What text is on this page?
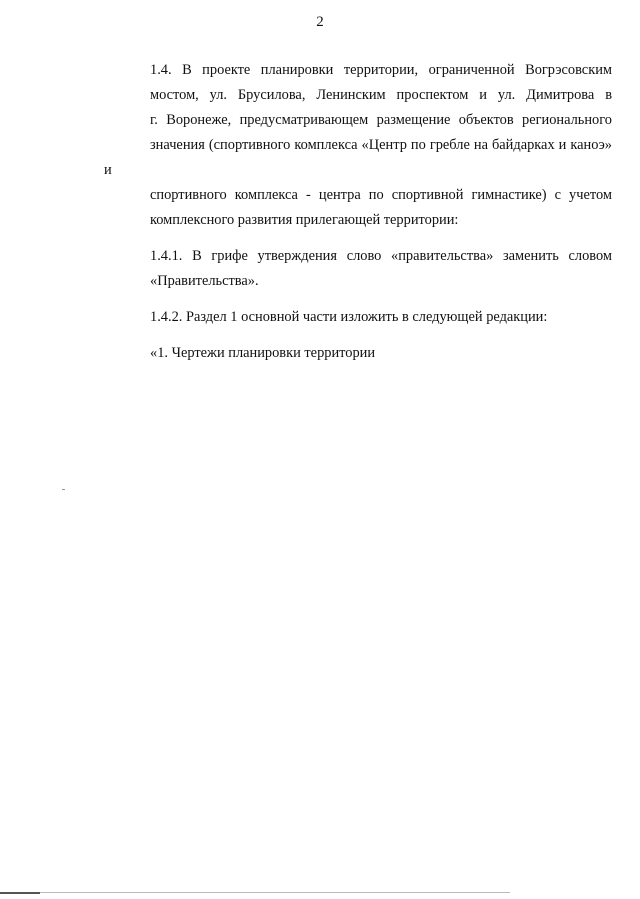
2
1.4. В проекте планировки территории, ограниченной Вогрэсовским
мостом, ул. Брусилова, Ленинским проспектом и ул. Димитрова в
г. Воронеже, предусматривающем размещение объектов регионального
значения (спортивного комплекса «Центр по гребле на байдарках и каноэ» и
спортивного комплекса - центра по спортивной гимнастике) с учетом
комплексного развития прилегающей территории:
1.4.1. В грифе утверждения слово «правительства» заменить словом
«Правительства».
1.4.2. Раздел 1 основной части изложить в следующей редакции:
«1. Чертежи планировки территории
